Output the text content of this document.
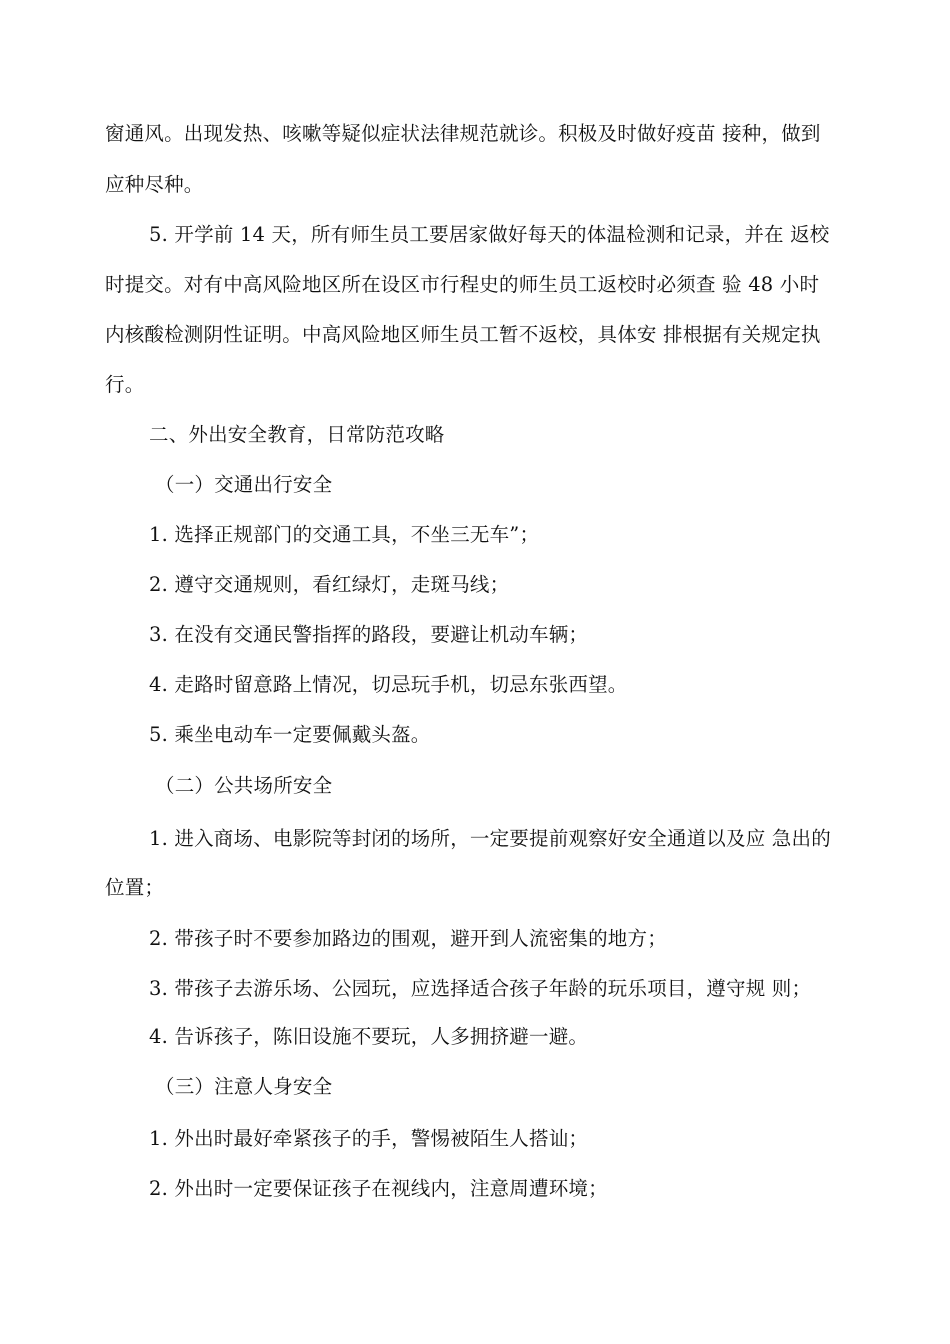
窗通风。出现发热、咳嗽等疑似症状法律规范就诊。积极及时做好疫苗 接种，做到
应种尽种。
5. 开学前 14 天，所有师生员工要居家做好每天的体温检测和记录，并在 返校
时提交。对有中高风险地区所在设区市行程史的师生员工返校时必须查 验 48 小时
内核酸检测阴性证明。中高风险地区师生员工暂不返校，具体安 排根据有关规定执
行。
二、外出安全教育，日常防范攻略
（一）交通出行安全
1. 选择正规部门的交通工具，不坐三无车”；
2. 遵守交通规则，看红绿灯，走斑马线；
3. 在没有交通民警指挥的路段，要避让机动车辆；
4. 走路时留意路上情况，切忌玩手机，切忌东张西望。
5. 乘坐电动车一定要佩戴头盔。
（二）公共场所安全
1. 进入商场、电影院等封闭的场所，一定要提前观察好安全通道以及应 急出的
位置；
2. 带孩子时不要参加路边的围观，避开到人流密集的地方；
3. 带孩子去游乐场、公园玩，应选择适合孩子年龄的玩乐项目，遵守规 则；
4. 告诉孩子，陈旧设施不要玩，人多拥挤避一避。
（三）注意人身安全
1. 外出时最好牵紧孩子的手，警惕被陌生人搭讪；
2. 外出时一定要保证孩子在视线内，注意周遭环境；
